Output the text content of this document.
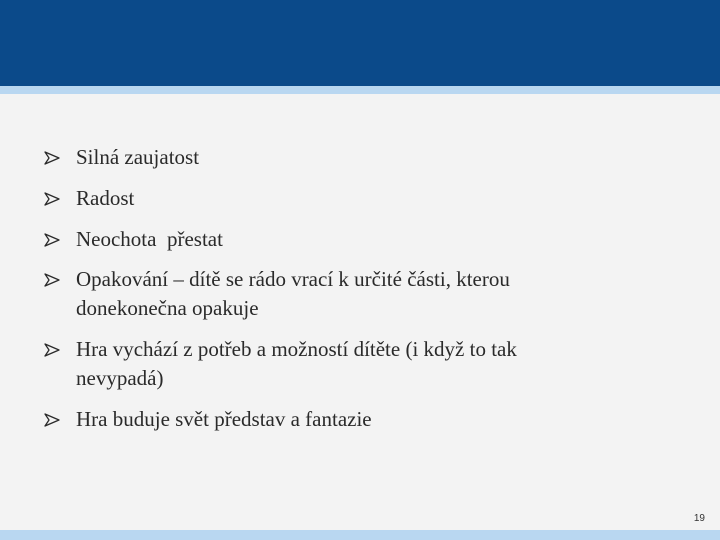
Silná zaujatost
Radost
Neochota  přestat
Opakování – dítě se rádo vrací k určité části, kterou donekonečna opakuje
Hra vychází z potřeb a možností dítěte (i když to tak nevypadá)
Hra buduje svět představ a fantazie
19
